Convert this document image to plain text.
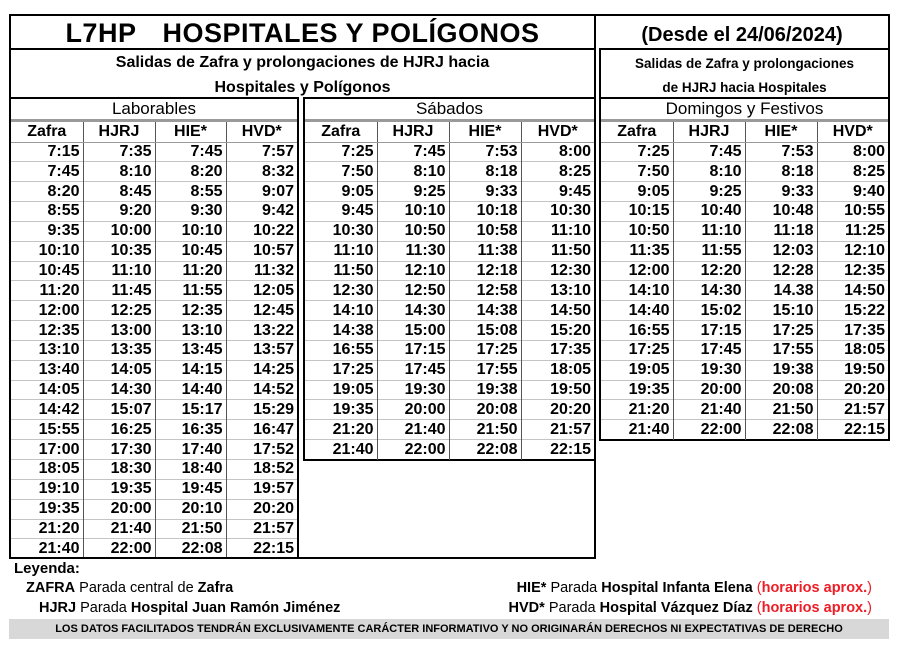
L7HP HOSPITALES Y POLÍGONOS	(Desde el 24/06/2024)
Salidas de Zafra y prolongaciones de HJRJ hacia
Hospitales y Polígonos
Salidas de Zafra y prolongaciones
de HJRJ hacia Hospitales
Laborables			
Zafra	HJRJ	HIE*	HVD*
7:15	7:35	7:45	7:57
7:45	8:10	8:20	8:32
8:20	8:45	8:55	9:07
8:55	9:20	9:30	9:42
9:35	10:00	10:10	10:22
10:10	10:35	10:45	10:57
10:45	11:10	11:20	11:32
11:20	11:45	11:55	12:05
12:00	12:25	12:35	12:45
12:35	13:00	13:10	13:22
13:10	13:35	13:45	13:57
13:40	14:05	14:15	14:25
14:05	14:30	14:40	14:52
14:42	15:07	15:17	15:29
15:55	16:25	16:35	16:47
17:00	17:30	17:40	17:52
18:05	18:30	18:40	18:52
19:10	19:35	19:45	19:57
19:35	20:00	20:10	20:20
21:20	21:40	21:50	21:57
21:40	22:00	22:08	22:15
Sábados			
Zafra	HJRJ	HIE*	HVD*
7:25	7:45	7:53	8:00
7:50	8:10	8:18	8:25
9:05	9:25	9:33	9:45
9:45	10:10	10:18	10:30
10:30	10:50	10:58	11:10
11:10	11:30	11:38	11:50
11:50	12:10	12:18	12:30
12:30	12:50	12:58	13:10
14:10	14:30	14:38	14:50
14:38	15:00	15:08	15:20
16:55	17:15	17:25	17:35
17:25	17:45	17:55	18:05
19:05	19:30	19:38	19:50
19:35	20:00	20:08	20:20
21:20	21:40	21:50	21:57
21:40	22:00	22:08	22:15
Domingos y Festivos			
Zafra	HJRJ	HIE*	HVD*
7:25	7:45	7:53	8:00
7:50	8:10	8:18	8:25
9:05	9:25	9:33	9:40
10:15	10:40	10:48	10:55
10:50	11:10	11:18	11:25
11:35	11:55	12:03	12:10
12:00	12:20	12:28	12:35
14:10	14:30	14.38	14:50
14:40	15:02	15:10	15:22
16:55	17:15	17:25	17:35
17:25	17:45	17:55	18:05
19:05	19:30	19:38	19:50
19:35	20:00	20:08	20:20
21:20	21:40	21:50	21:57
21:40	22:00	22:08	22:15
Leyenda:
ZAFRA Parada central de Zafra
HJRJ Parada Hospital Juan Ramón Jiménez
HIE* Parada Hospital Infanta Elena (horarios aprox.)
HVD* Parada Hospital Vázquez Díaz (horarios aprox.)
LOS DATOS FACILITADOS TENDRÁN EXCLUSIVAMENTE CARÁCTER INFORMATIVO Y NO ORIGINARÁN DERECHOS NI EXPECTATIVAS DE DERECHO
